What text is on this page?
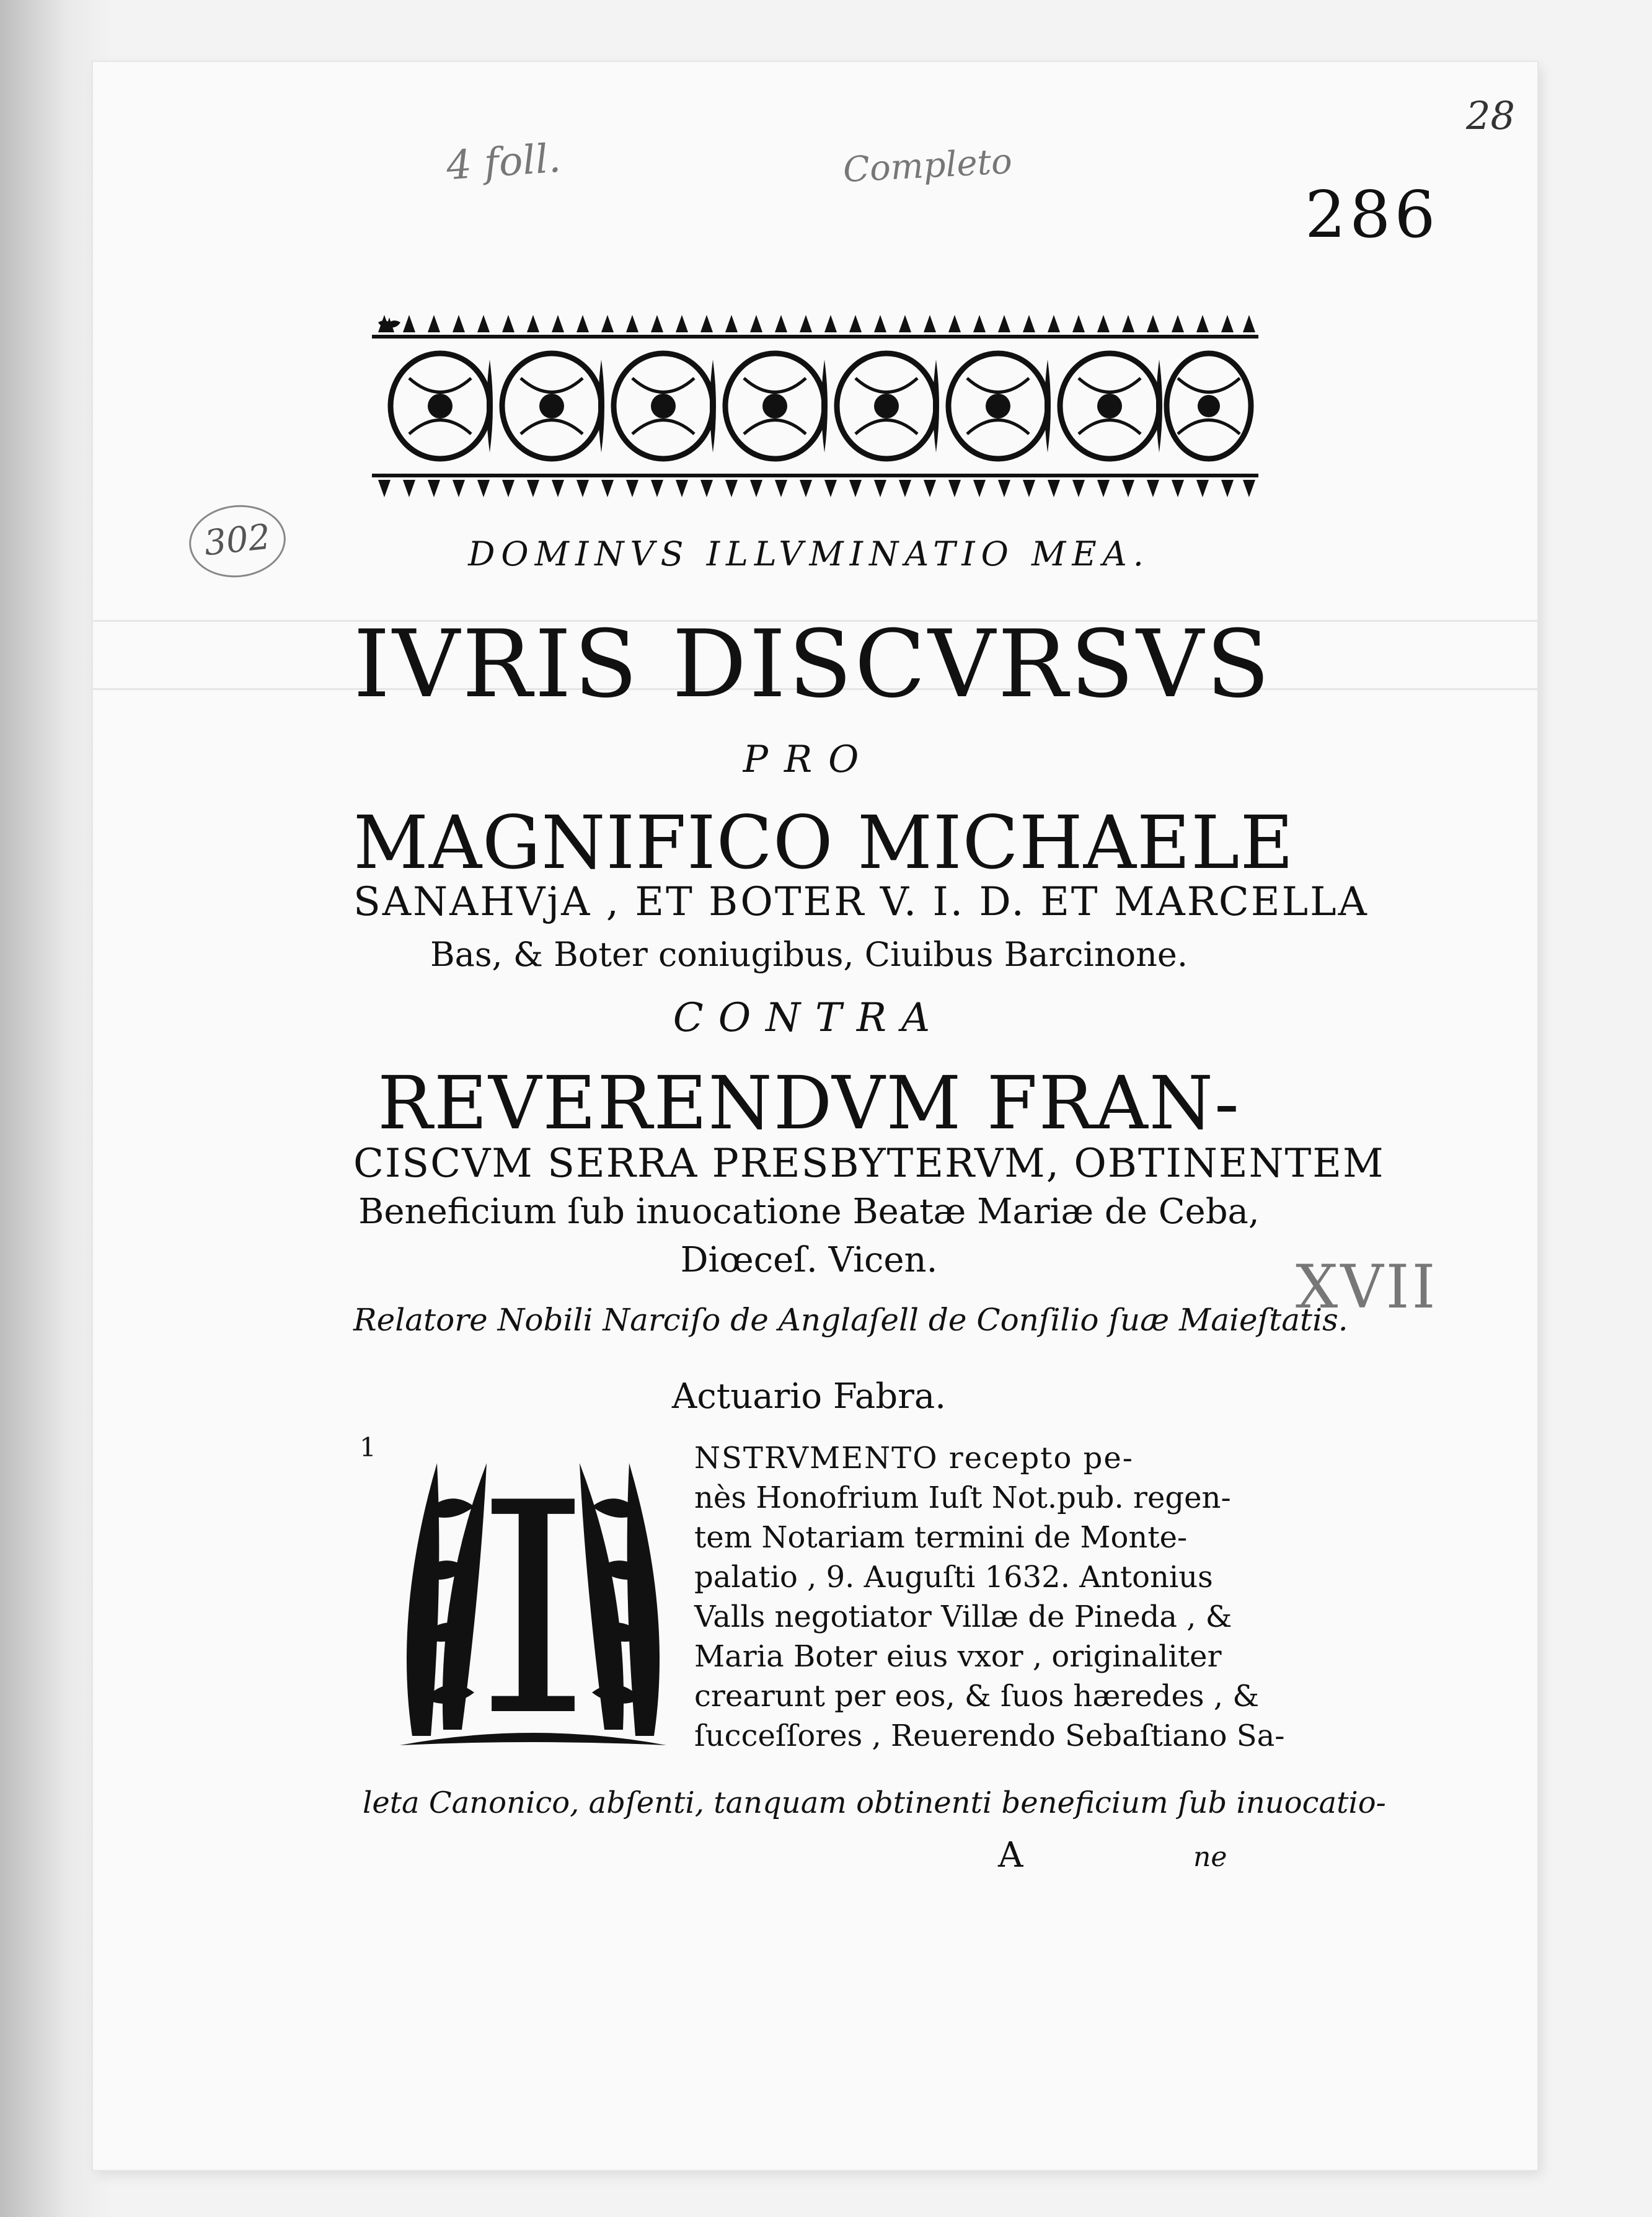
4 foll.	Completo
28
286
302
XVII
DOMINVS ILLVMINATIO MEA.
IVRIS DISCVRSVS
PRO
MAGNIFICO MICHAELE
SANAHVjA , ET BOTER V. I. D. ET MARCELLA
Bas, & Boter coniugibus, Ciuibus Barcinone.
CONTRA
REVERENDVM FRAN-
CISCVM SERRA PRESBYTERVM, OBTINENTEM
Beneficium ſub inuocatione Beatæ Mariæ de Ceba,
Diœceſ. Vicen.
Relatore Nobili Narciſo de Anglaſell de Conſilio ſuæ Maieſtatis.
Actuario Fabra.
1 I	NSTRVMENTO recepto pe-
nès Honofrium Iuſt Not.pub. regen-
tem Notariam termini de Monte-
palatio , 9. Auguſti 1632. Antonius
Valls negotiator Villæ de Pineda , &
Maria Boter eius vxor , originaliter
crearunt per eos, & ſuos hæredes , &
ſucceſſores , Reuerendo Sebaſtiano Sa-
leta Canonico, abſenti, tanquam obtinenti beneficium ſub inuocatio-
A	ne
